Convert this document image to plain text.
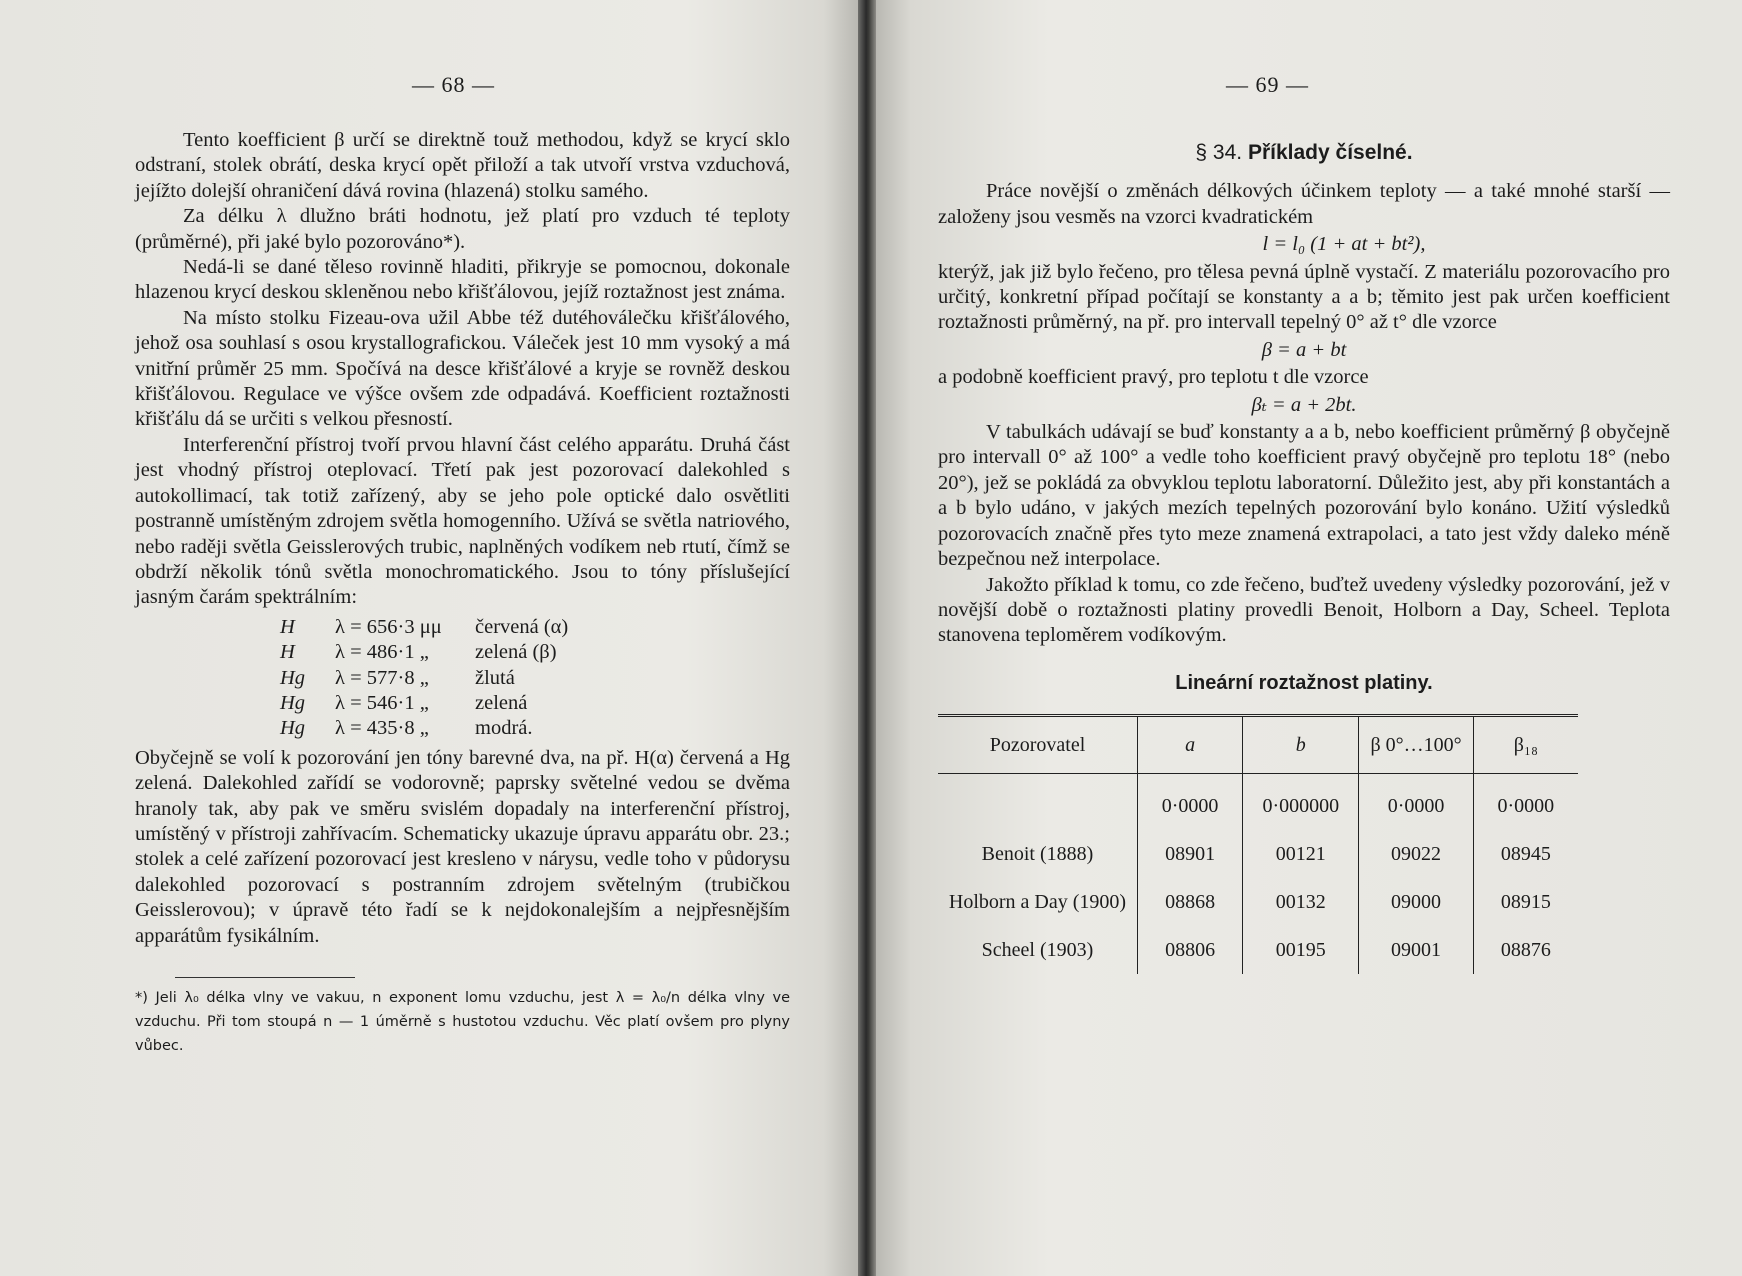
— 68 —

Tento koefficient β určí se direktně touž methodou, když se krycí sklo odstraní, stolek obrátí, deska krycí opět přiloží a tak utvoří vrstva vzduchová, jejížto dolejší ohraničení dává rovina (hlazená) stolku samého.

Za délku λ dlužno bráti hodnotu, jež platí pro vzduch té teploty (průměrné), při jaké bylo pozorováno*).

Nedá-li se dané těleso rovinně hladiti, přikryje se pomocnou, dokonale hlazenou krycí deskou skleněnou nebo křišťálovou, jejíž roztažnost jest známa.

Na místo stolku Fizeau-ova užil Abbe též dutéhoválečku křišťálového, jehož osa souhlasí s osou krystallografickou. Váleček jest 10 mm vysoký a má vnitřní průměr 25 mm. Spočívá na desce křišťálové a kryje se rovněž deskou křišťálovou. Regulace ve výšce ovšem zde odpadává. Koefficient roztažnosti křišťálu dá se určiti s velkou přesností.

Interferenční přístroj tvoří prvou hlavní část celého apparátu. Druhá část jest vhodný přístroj oteplovací. Třetí pak jest pozorovací dalekohled s autokollimací, tak totiž zařízený, aby se jeho pole optické dalo osvětliti postranně umístěným zdrojem světla homogenního. Užívá se světla natriového, nebo raději světla Geisslerových trubic, naplněných vodíkem neb rtutí, čímž se obdrží několik tónů světla monochromatického. Jsou to tóny příslušející jasným čarám spektrálním:

H	λ = 656·3 μμ	červená (α)
H	λ = 486·1 „	zelená (β)
Hg	λ = 577·8 „	žlutá
Hg	λ = 546·1 „	zelená
Hg	λ = 435·8 „	modrá.

Obyčejně se volí k pozorování jen tóny barevné dva, na př. H(α) červená a Hg zelená. Dalekohled zařídí se vodorovně; paprsky světelné vedou se dvěma hranoly tak, aby pak ve směru svislém dopadaly na interferenční přístroj, umístěný v přístroji zahřívacím. Schematicky ukazuje úpravu apparátu obr. 23.; stolek a celé zařízení pozorovací jest kresleno v nárysu, vedle toho v půdorysu dalekohled pozorovací s postranním zdrojem světelným (trubičkou Geisslerovou); v úpravě této řadí se k nejdokonalejším a nejpřesnějším apparátům fysikálním.

*) Jeli λ₀ délka vlny ve vakuu, n exponent lomu vzduchu, jest λ = λ₀/n délka vlny ve vzduchu. Při tom stoupá n — 1 úměrně s hustotou vzduchu. Věc platí ovšem pro plyny vůbec.

— 69 —

§ 34. Příklady číselné.

Práce novější o změnách délkových účinkem teploty — a také mnohé starší — založeny jsou vesměs na vzorci kvadratickém

l = l₀ (1 + at + bt²),

kterýž, jak již bylo řečeno, pro tělesa pevná úplně vystačí. Z materiálu pozorovacího pro určitý, konkretní případ počítají se konstanty a a b; těmito jest pak určen koefficient roztažnosti průměrný, na př. pro intervall tepelný 0° až t° dle vzorce

β = a + bt

a podobně koefficient pravý, pro teplotu t dle vzorce

βₜ = a + 2bt.

V tabulkách udávají se buď konstanty a a b, nebo koefficient průměrný β obyčejně pro intervall 0° až 100° a vedle toho koefficient pravý obyčejně pro teplotu 18° (nebo 20°), jež se pokládá za obvyklou teplotu laboratorní. Důležito jest, aby při konstantách a a b bylo udáno, v jakých mezích tepelných pozorování bylo konáno. Užití výsledků pozorovacích značně přes tyto meze znamená extrapolaci, a tato jest vždy daleko méně bezpečnou než interpolace.

Jakožto příklad k tomu, co zde řečeno, buďtež uvedeny výsledky pozorování, jež v novější době o roztažnosti platiny provedli Benoit, Holborn a Day, Scheel. Teplota stanovena teploměrem vodíkovým.

Lineární roztažnost platiny.

Pozorovatel	a	b	β 0°…100°	β₁₈
	0·0000	0·000000	0·0000	0·0000
Benoit (1888)	08901	00121	09022	08945
Holborn a Day (1900)	08868	00132	09000	08915
Scheel (1903)	08806	00195	09001	08876
